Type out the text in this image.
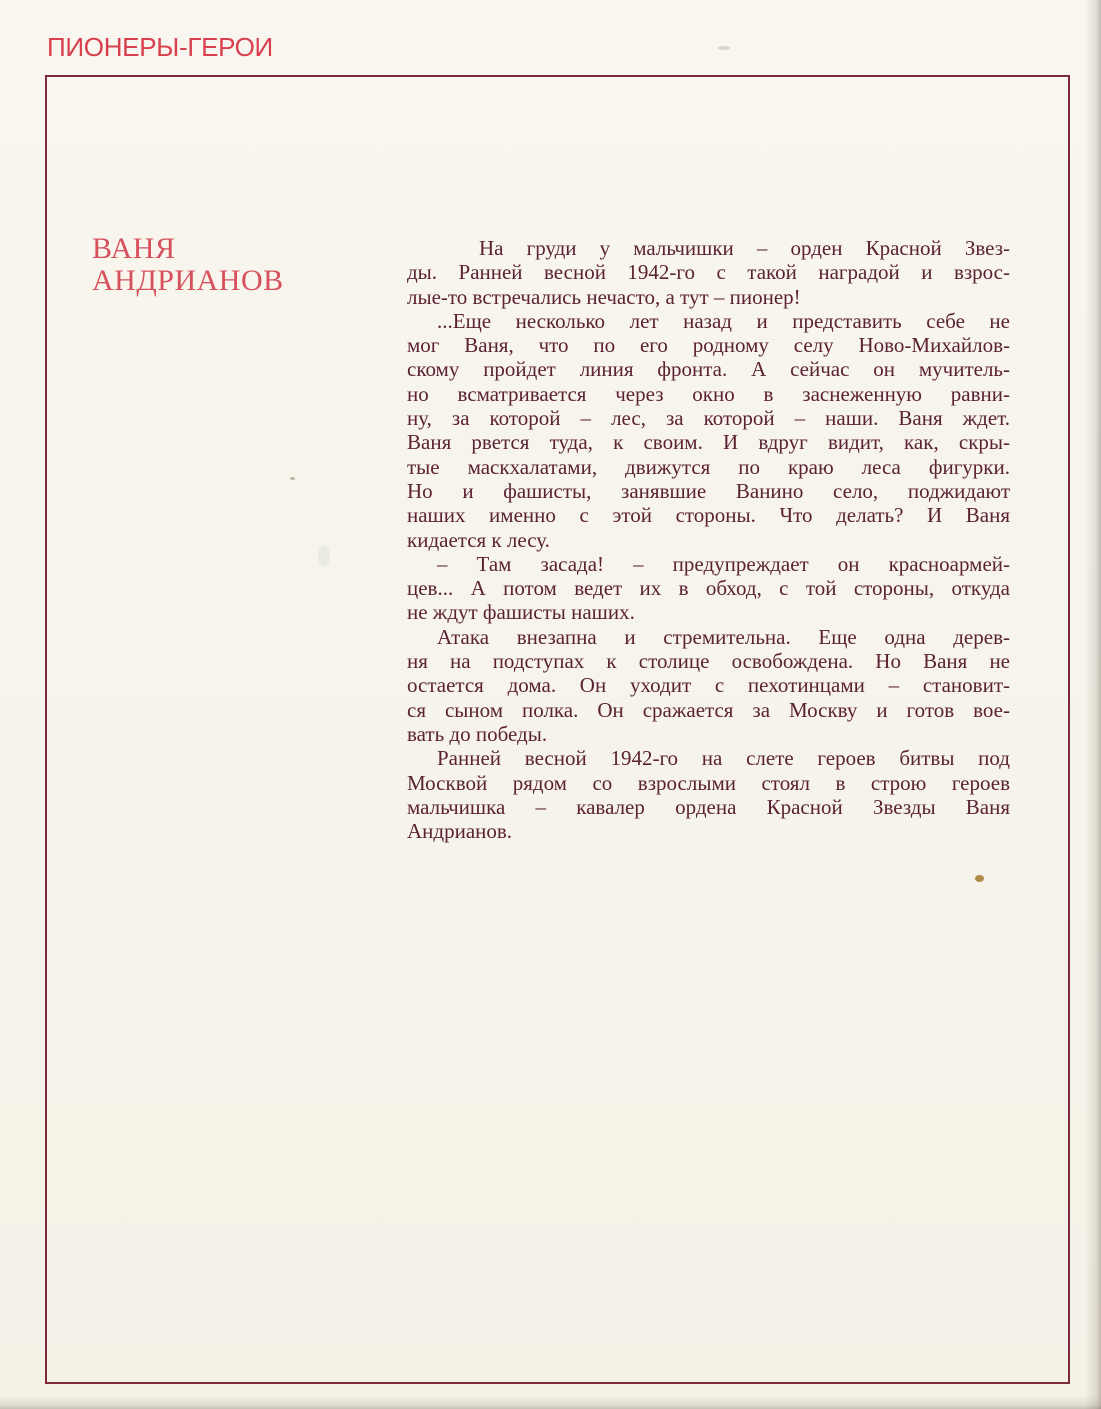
ПИОНЕРЫ-ГЕРОИ
ВАНЯ
АНДРИАНОВ
На груди у мальчишки – орден Красной Звез-
ды. Ранней весной 1942-го с такой наградой и взрос-
лые-то встречались нечасто, а тут – пионер!
...Еще несколько лет назад и представить себе не
мог Ваня, что по его родному селу Ново-Михайлов-
скому пройдет линия фронта. А сейчас он мучитель-
но всматривается через окно в заснеженную равни-
ну, за которой – лес, за которой – наши. Ваня ждет.
Ваня рвется туда, к своим. И вдруг видит, как, скры-
тые маскхалатами, движутся по краю леса фигурки.
Но и фашисты, занявшие Ванино село, поджидают
наших именно с этой стороны. Что делать? И Ваня
кидается к лесу.
– Там засада! – предупреждает он красноармей-
цев... А потом ведет их в обход, с той стороны, откуда
не ждут фашисты наших.
Атака внезапна и стремительна. Еще одна дерев-
ня на подступах к столице освобождена. Но Ваня не
остается дома. Он уходит с пехотинцами – становит-
ся сыном полка. Он сражается за Москву и готов вое-
вать до победы.
Ранней весной 1942-го на слете героев битвы под
Москвой рядом со взрослыми стоял в строю героев
мальчишка – кавалер ордена Красной Звезды Ваня
Андрианов.
